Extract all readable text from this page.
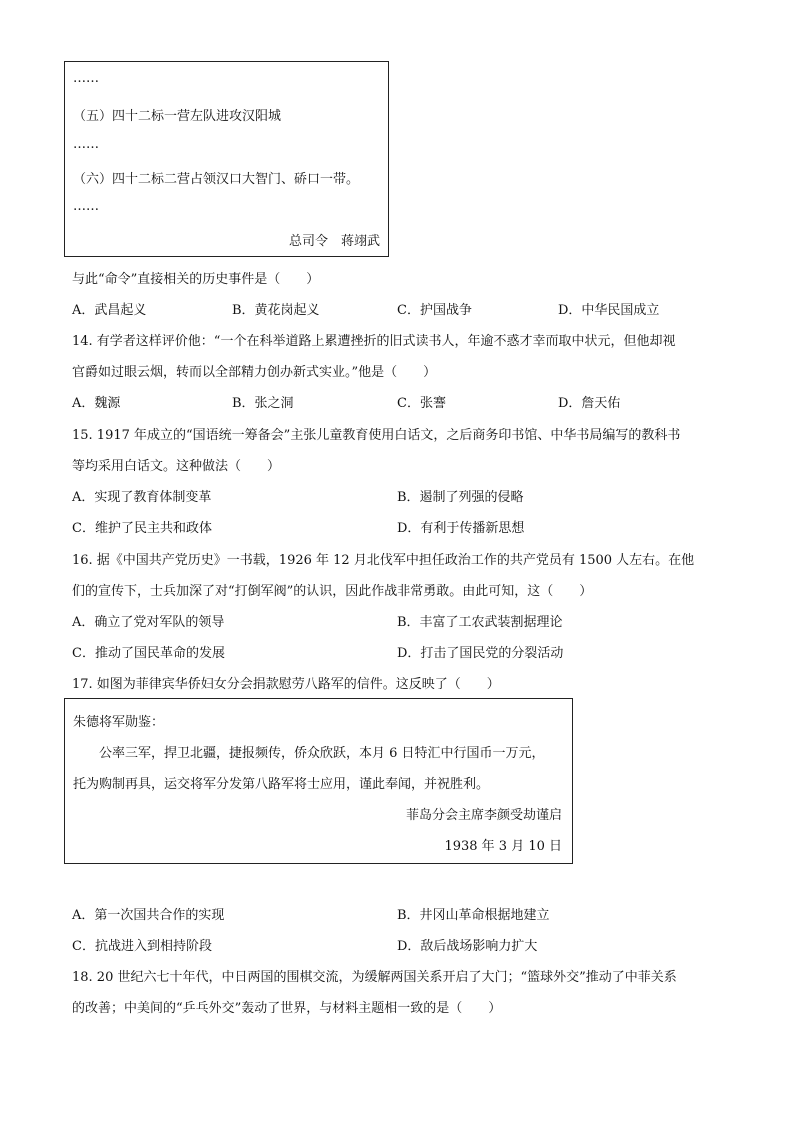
……
（五）四十二标一营左队进攻汉阳城
……
（六）四十二标二营占领汉口大智门、硚口一带。
……
总司令　蒋翊武
与此“命令”直接相关的历史事件是（　　）
A．武昌起义	B．黄花岗起义	C．护国战争	D．中华民国成立
14. 有学者这样评价他：“一个在科举道路上累遭挫折的旧式读书人，年逾不惑才幸而取中状元，但他却视
官爵如过眼云烟，转而以全部精力创办新式实业。”他是（　　）
A．魏源	B．张之洞	C．张謇	D．詹天佑
15. 1917 年成立的“国语统一筹备会”主张儿童教育使用白话文，之后商务印书馆、中华书局编写的教科书
等均采用白话文。这种做法（　　）
A．实现了教育体制变革	B．遏制了列强的侵略
C．维护了民主共和政体	D．有利于传播新思想
16. 据《中国共产党历史》一书载，1926 年 12 月北伐军中担任政治工作的共产党员有 1500 人左右。在他
们的宣传下，士兵加深了对“打倒军阀”的认识，因此作战非常勇敢。由此可知，这（　　）
A．确立了党对军队的领导	B．丰富了工农武装割据理论
C．推动了国民革命的发展	D．打击了国民党的分裂活动
17. 如图为菲律宾华侨妇女分会捐款慰劳八路军的信件。这反映了（　　）
朱德将军勋鉴：
公率三军，捍卫北疆，捷报频传，侨众欣跃，本月 6 日特汇中行国币一万元，
托为购制再具，运交将军分发第八路军将士应用，谨此奉闻，并祝胜利。
菲岛分会主席李颜受劫谨启
1938 年 3 月 10 日
A．第一次国共合作的实现	B．井冈山革命根据地建立
C．抗战进入到相持阶段	D．敌后战场影响力扩大
18. 20 世纪六七十年代，中日两国的围棋交流，为缓解两国关系开启了大门；“篮球外交”推动了中菲关系
的改善；中美间的“乒乓外交”轰动了世界，与材料主题相一致的是（　　）
